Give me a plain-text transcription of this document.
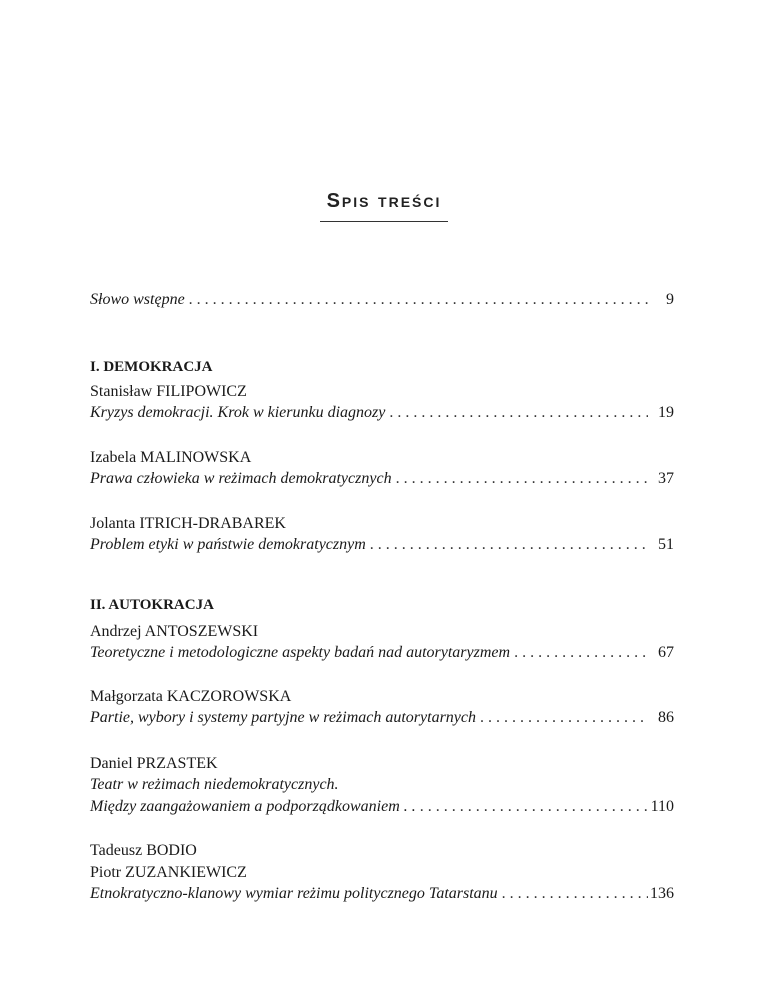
Spis treści
Słowo wstępne . . .	9
I. DEMOKRACJA
Stanisław FILIPOWICZ
Kryzys demokracji. Krok w kierunku diagnozy . . .	19
Izabela MALINOWSKA
Prawa człowieka w reżimach demokratycznych . . .	37
Jolanta ITRICH-DRABAREK
Problem etyki w państwie demokratycznym . . .	51
II. AUTOKRACJA
Andrzej ANTOSZEWSKI
Teoretyczne i metodologiczne aspekty badań nad autorytaryzmem . . .	67
Małgorzata KACZOROWSKA
Partie, wybory i systemy partyjne w reżimach autorytarnych . . .	86
Daniel PRZASTEK
Teatr w reżimach niedemokratycznych.
Między zaangażowaniem a podporządkowaniem . . . . .	110
Tadeusz BODIO
Piotr ZUZANKIEWICZ
Etnokratyczno-klanowy wymiar reżimu politycznego Tatarstanu . . .	136
